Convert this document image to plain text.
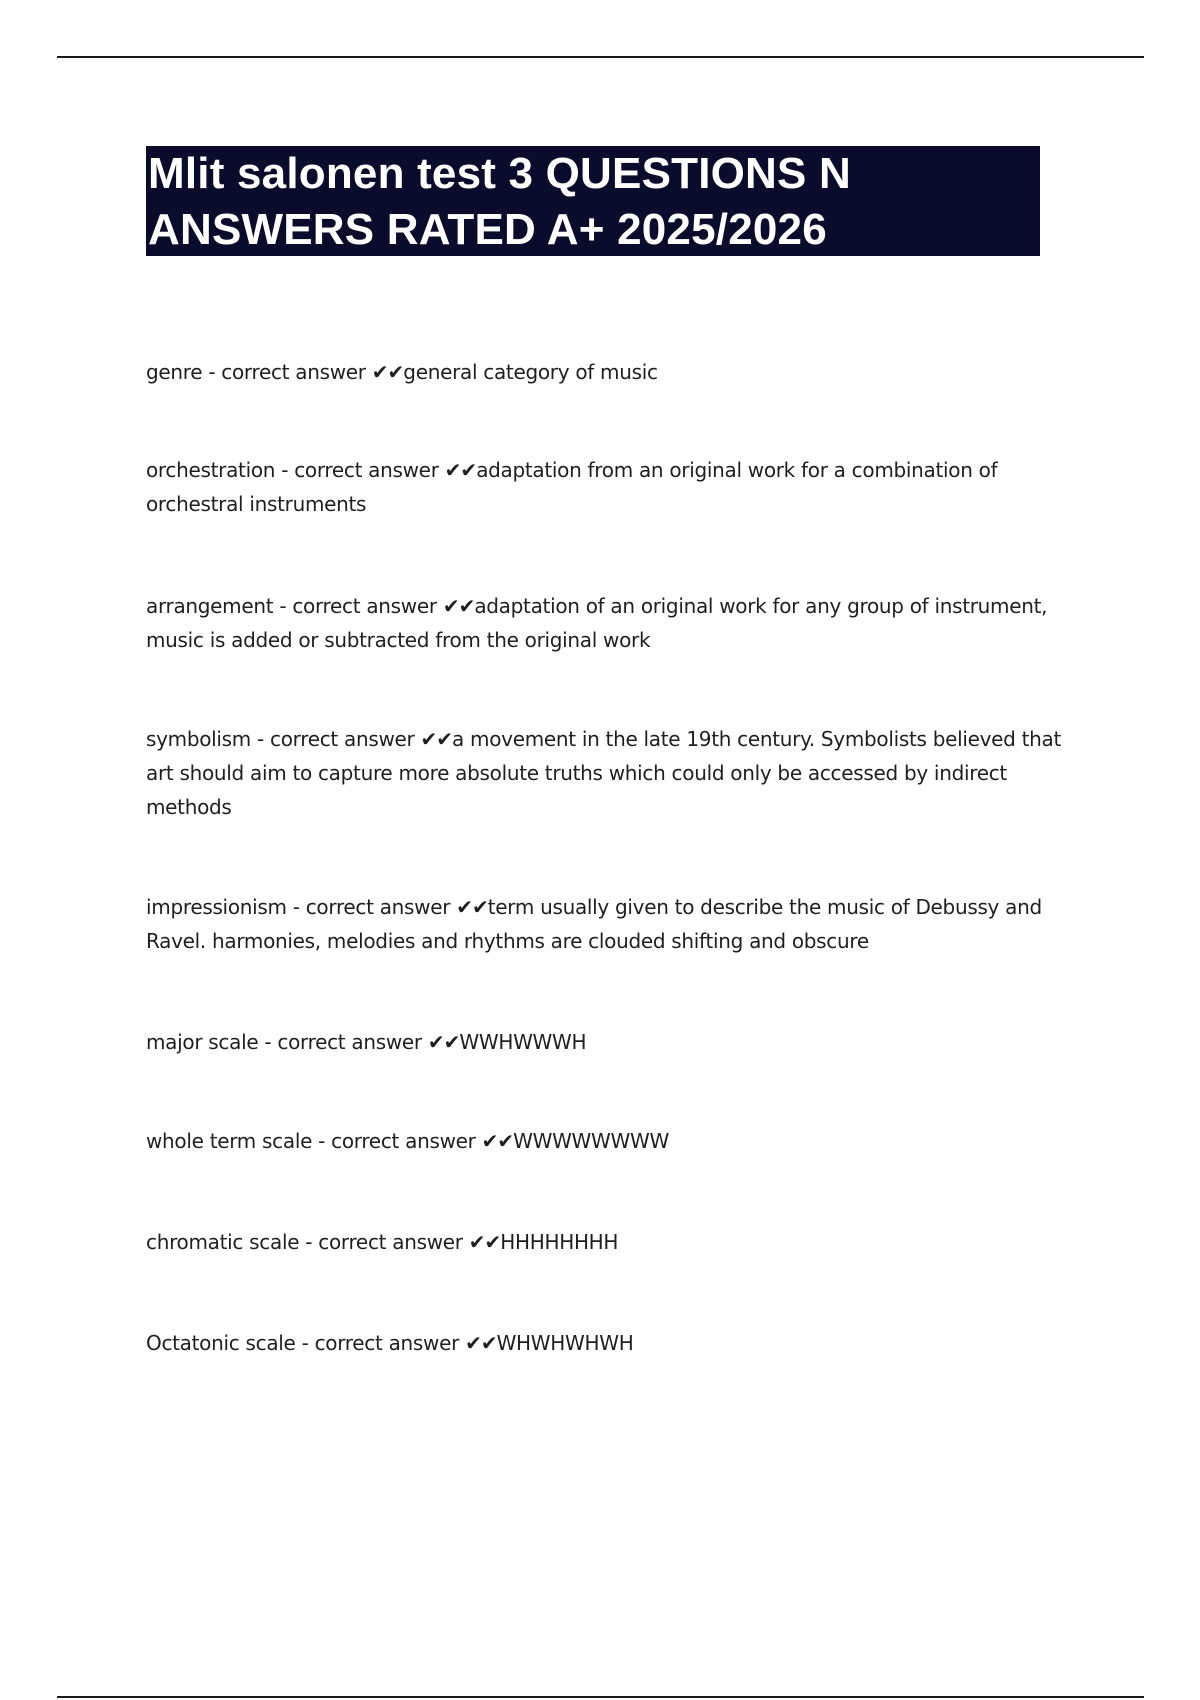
Mlit salonen test 3 QUESTIONS N ANSWERS RATED A+ 2025/2026

genre - correct answer ✔✔general category of music

orchestration - correct answer ✔✔adaptation from an original work for a combination of orchestral instruments

arrangement - correct answer ✔✔adaptation of an original work for any group of instrument, music is added or subtracted from the original work

symbolism - correct answer ✔✔a movement in the late 19th century. Symbolists believed that art should aim to capture more absolute truths which could only be accessed by indirect methods

impressionism - correct answer ✔✔term usually given to describe the music of Debussy and Ravel. harmonies, melodies and rhythms are clouded shifting and obscure

major scale - correct answer ✔✔WWHWWWH

whole term scale - correct answer ✔✔WWWWWWWW

chromatic scale - correct answer ✔✔HHHHHHHH

Octatonic scale - correct answer ✔✔WHWHWHWH
